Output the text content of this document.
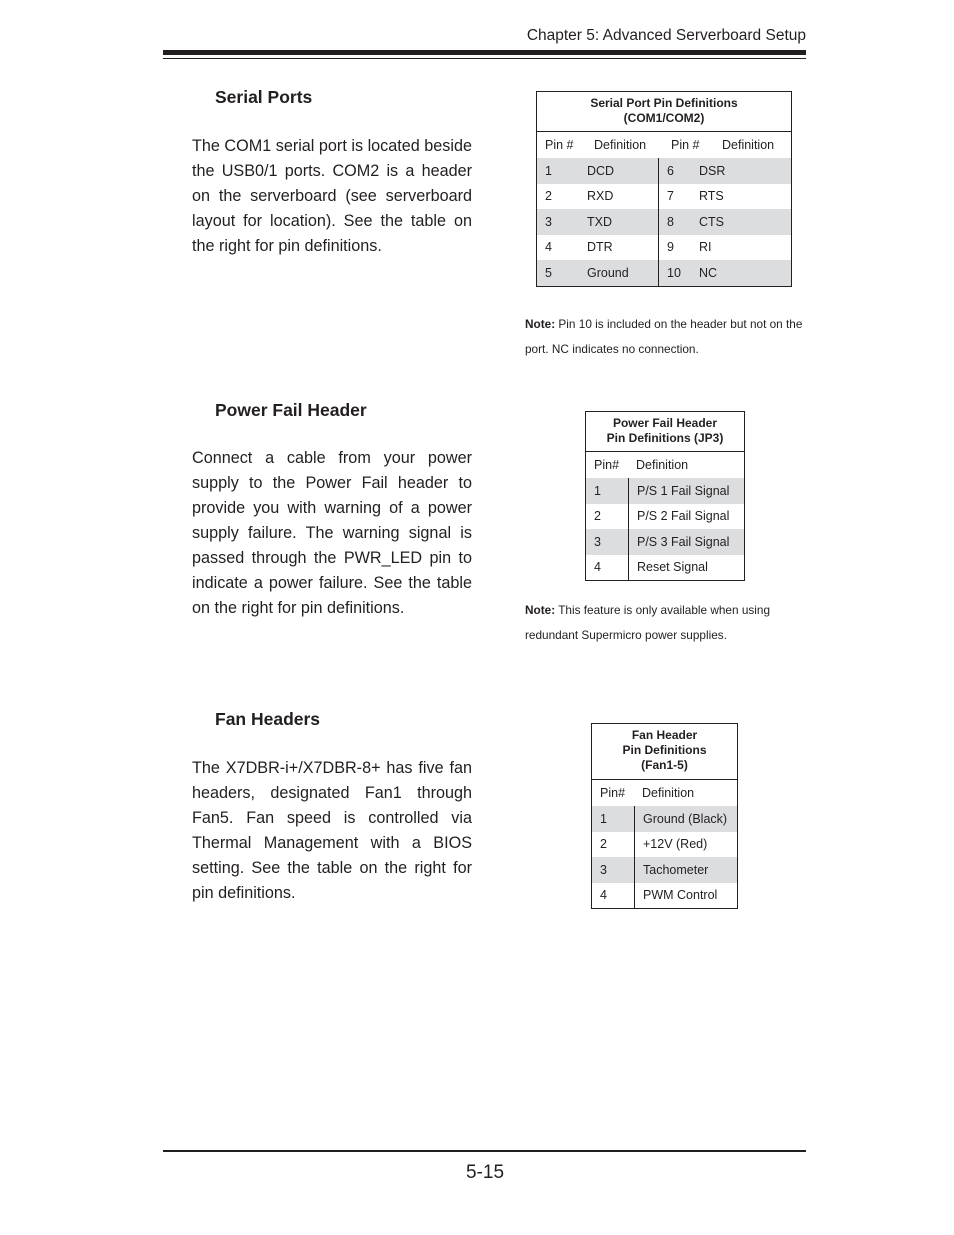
Chapter 5: Advanced Serverboard Setup
Serial Ports

The COM1 serial port is located beside the USB0/1 ports. COM2 is a header on the serverboard (see serverboard layout for location). See the table on the right for pin definitions.

Serial Port Pin Definitions
(COM1/COM2)
Pin #	Definition	Pin #	Definition
1	DCD	6	DSR
2	RXD	7	RTS
3	TXD	8	CTS
4	DTR	9	RI
5	Ground	10	NC
Note: Pin 10 is included on the header but not on the port. NC indicates no connection.
Power Fail Header

Connect a cable from your power supply to the Power Fail header to provide you with warning of a power supply failure. The warning signal is passed through the PWR_LED pin to indicate a power failure. See the table on the right for pin definitions.

Power Fail Header
Pin Definitions (JP3)
Pin#	Definition
1	P/S 1 Fail Signal
2	P/S 2 Fail Signal
3	P/S 3 Fail Signal
4	Reset Signal
Note: This feature is only available when using redundant Supermicro power supplies.
Fan Headers

The X7DBR-i+/X7DBR-8+ has five fan headers, designated Fan1 through Fan5. Fan speed is controlled via Thermal Management with a BIOS setting. See the table on the right for pin definitions.

Fan Header
Pin Definitions
(Fan1-5)
Pin#	Definition
1	Ground (Black)
2	+12V (Red)
3	Tachometer
4	PWM Control
5-15
